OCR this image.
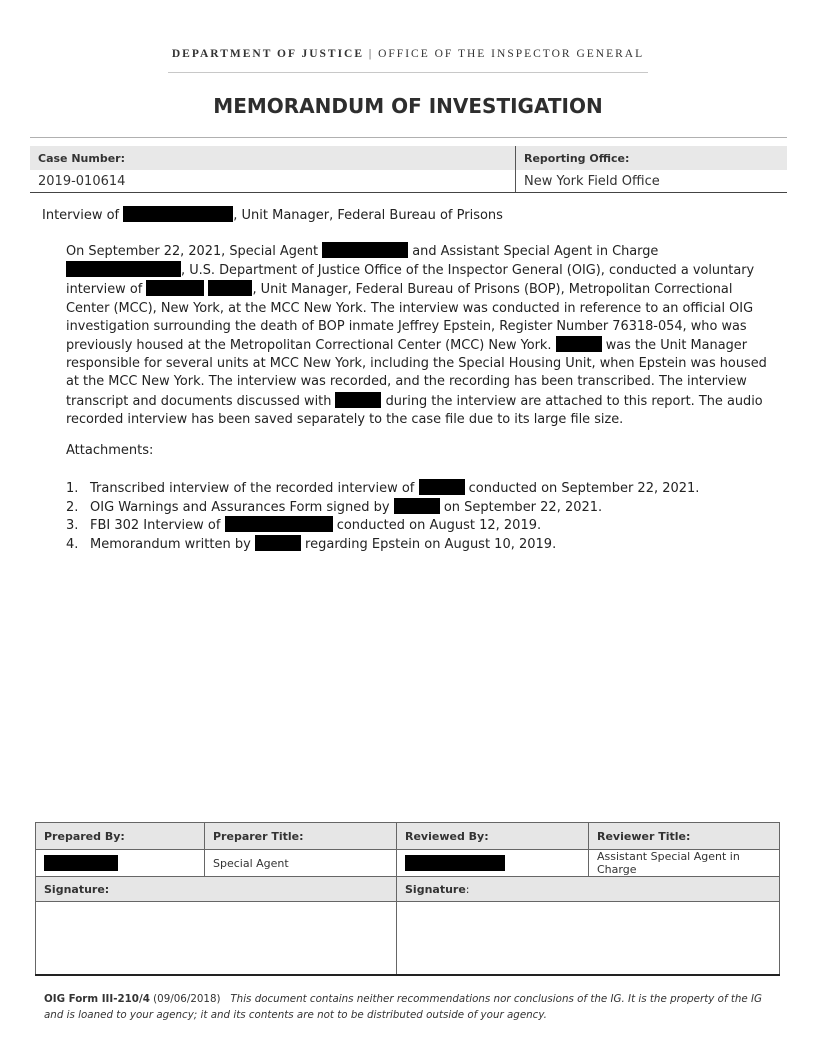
DEPARTMENT OF JUSTICE | OFFICE OF THE INSPECTOR GENERAL
MEMORANDUM OF INVESTIGATION
Case Number:	Reporting Office:
2019-010614	New York Field Office
Interview of	, Unit Manager, Federal Bureau of Prisons
On September 22, 2021, Special Agent	and Assistant Special Agent in Charge , U.S. Department of Justice Office of the Inspector General (OIG), conducted a voluntary interview of	, Unit Manager, Federal Bureau of Prisons (BOP), Metropolitan Correctional Center (MCC), New York, at the MCC New York. The interview was conducted in reference to an official OIG investigation surrounding the death of BOP inmate Jeffrey Epstein, Register Number 76318-054, who was previously housed at the Metropolitan Correctional Center (MCC) New York.	was the Unit Manager responsible for several units at MCC New York, including the Special Housing Unit, when Epstein was housed at the MCC New York. The interview was recorded, and the recording has been transcribed. The interview transcript and documents discussed with	during the interview are attached to this report. The audio recorded interview has been saved separately to the case file due to its large file size.
Attachments:
1. Transcribed interview of the recorded interview of	conducted on September 22, 2021.
2. OIG Warnings and Assurances Form signed by	on September 22, 2021.
3. FBI 302 Interview of	conducted on August 12, 2019.
4. Memorandum written by	regarding Epstein on August 10, 2019.
Prepared By:	Preparer Title:	Reviewed By:	Reviewer Title:
	Special Agent		Assistant Special Agent in Charge
Signature:		Signature:	

OIG Form III-210/4 (09/06/2018) This document contains neither recommendations nor conclusions of the IG. It is the property of the IG and is loaned to your agency; it and its contents are not to be distributed outside of your agency.
